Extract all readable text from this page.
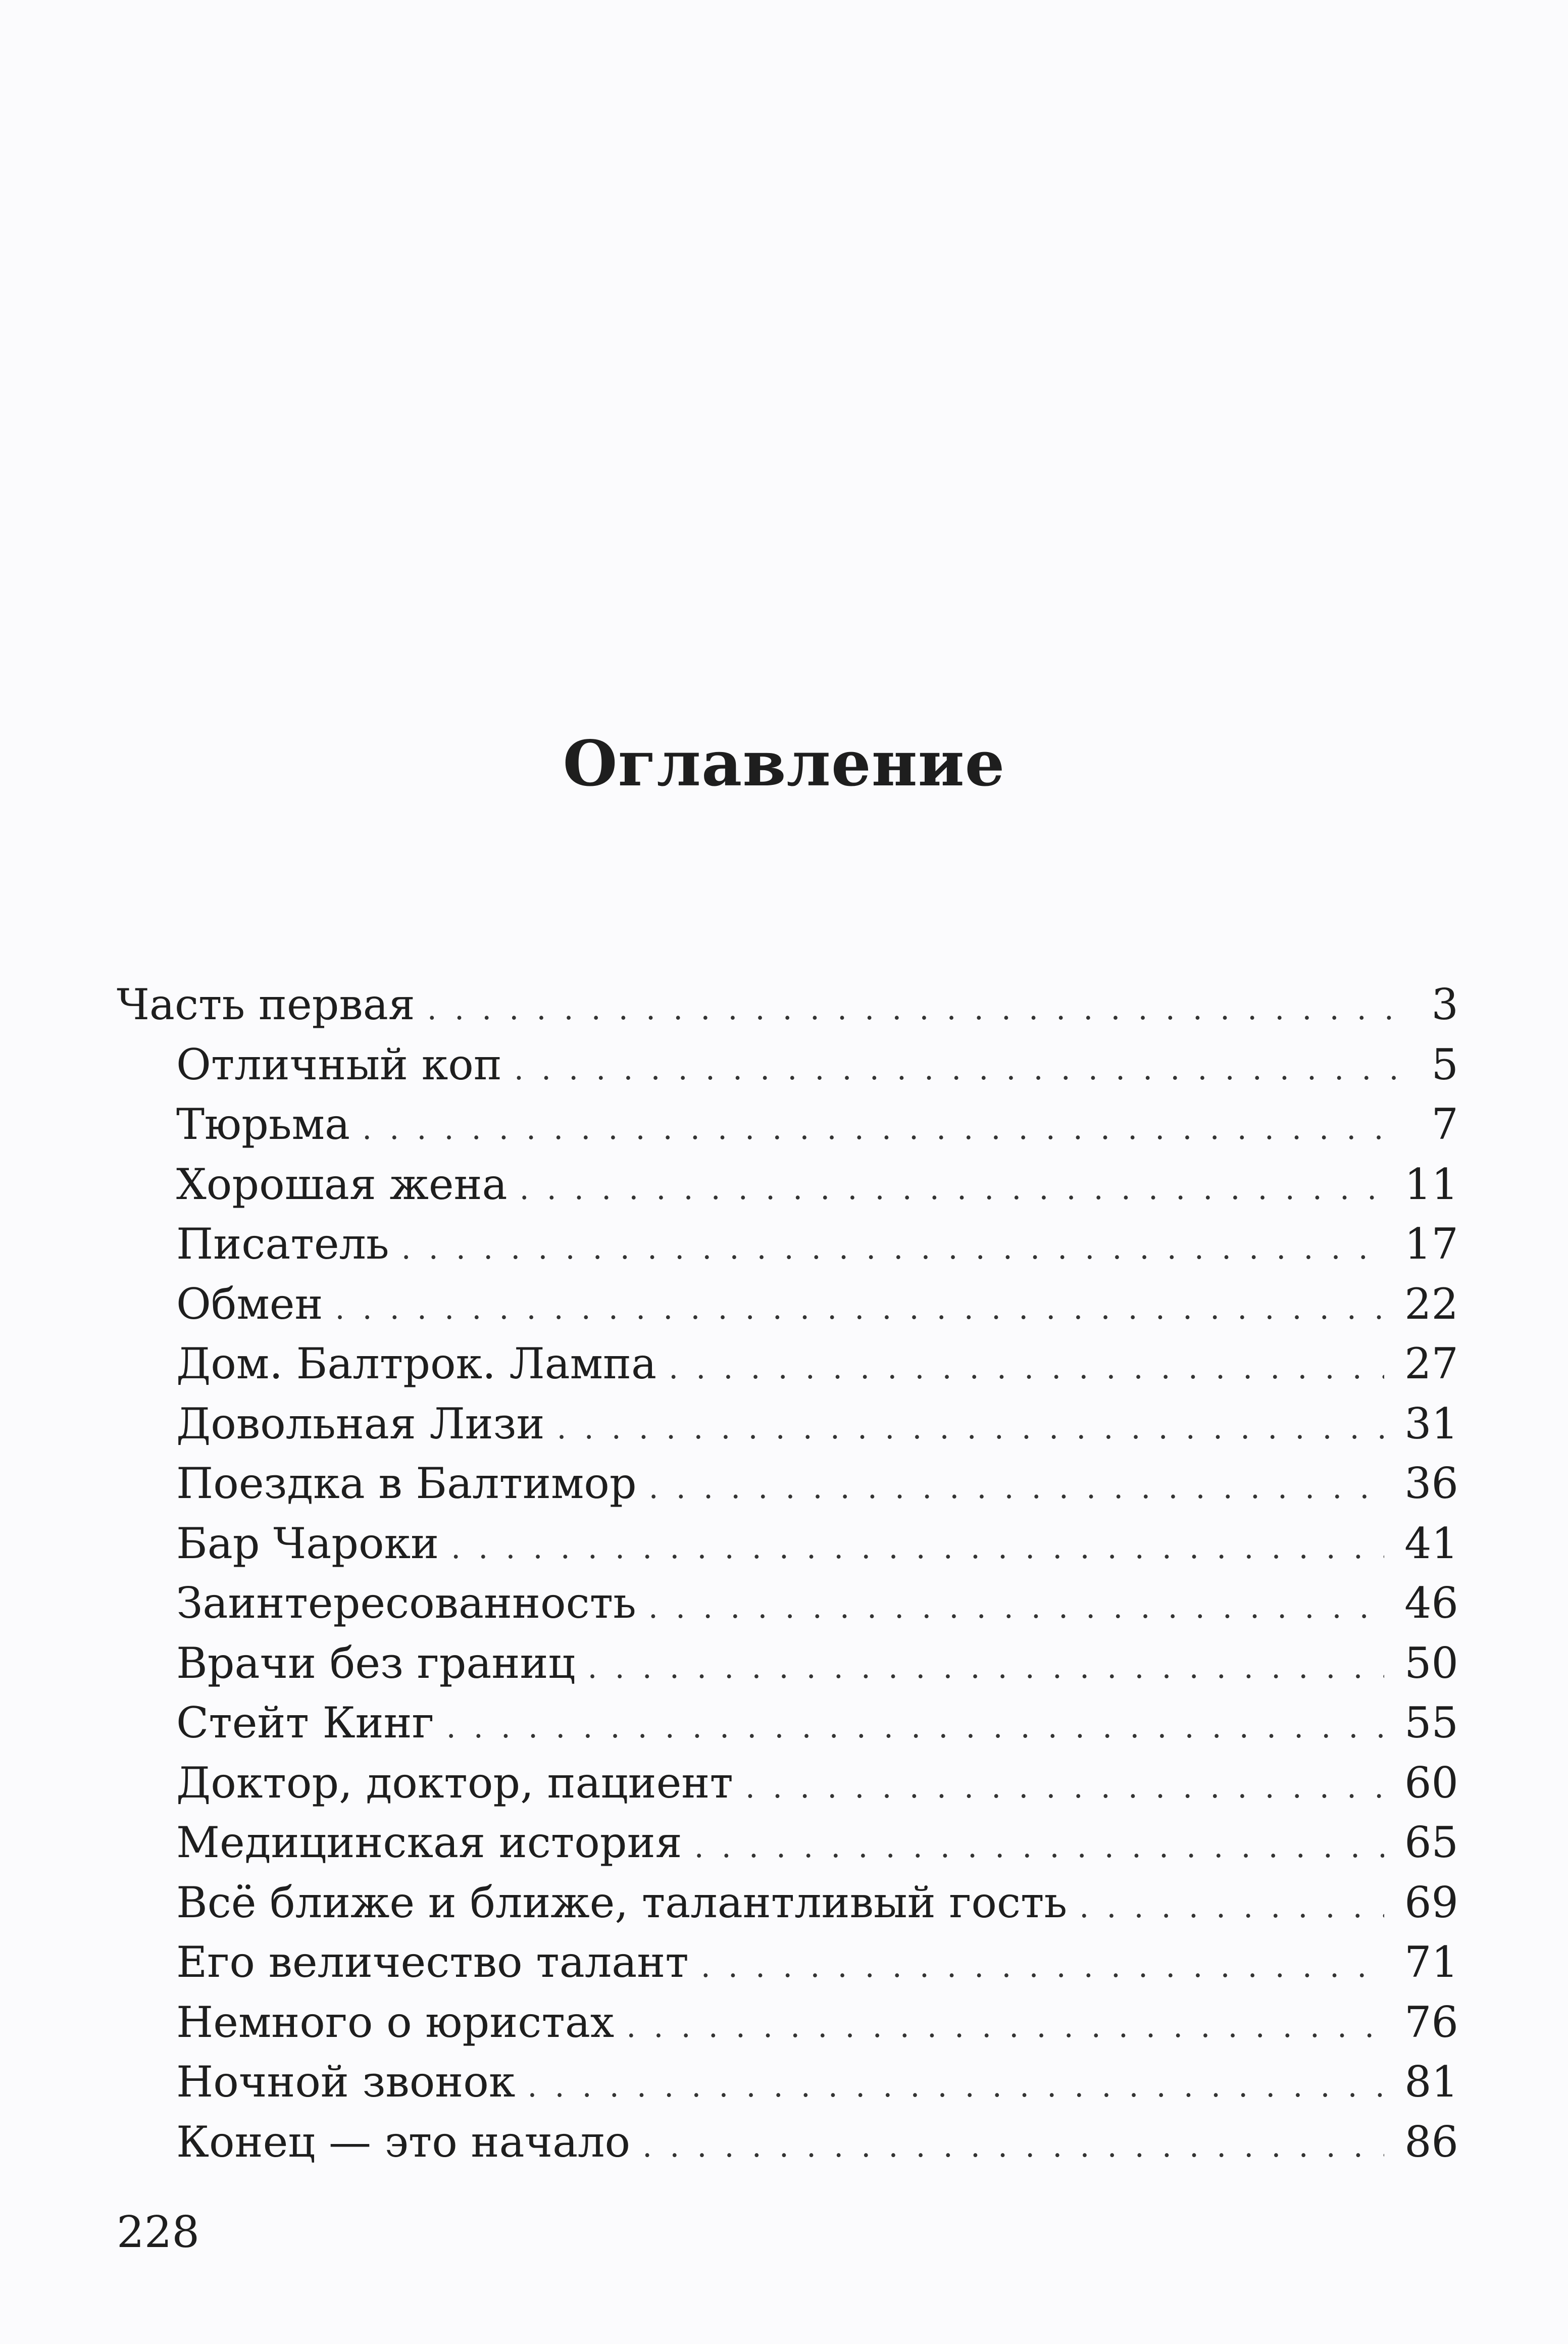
Оглавление
Часть первая . . .	3
Отличный коп . . .	5
Тюрьма . . .	7
Хорошая жена . . .	11
Писатель . . .	17
Обмен . . .	22
Дом. Балтрок. Лампа . . .	27
Довольная Лизи . . .	31
Поездка в Балтимор . . .	36
Бар Чароки . . .	41
Заинтересованность . . .	46
Врачи без границ . . .	50
Стейт Кинг . . .	55
Доктор, доктор, пациент . . .	60
Медицинская история . . .	65
Всё ближе и ближе, талантливый гость . . .	69
Его величество талант . . .	71
Немного о юристах . . .	76
Ночной звонок . . .	81
Конец — это начало . . .	86
228
